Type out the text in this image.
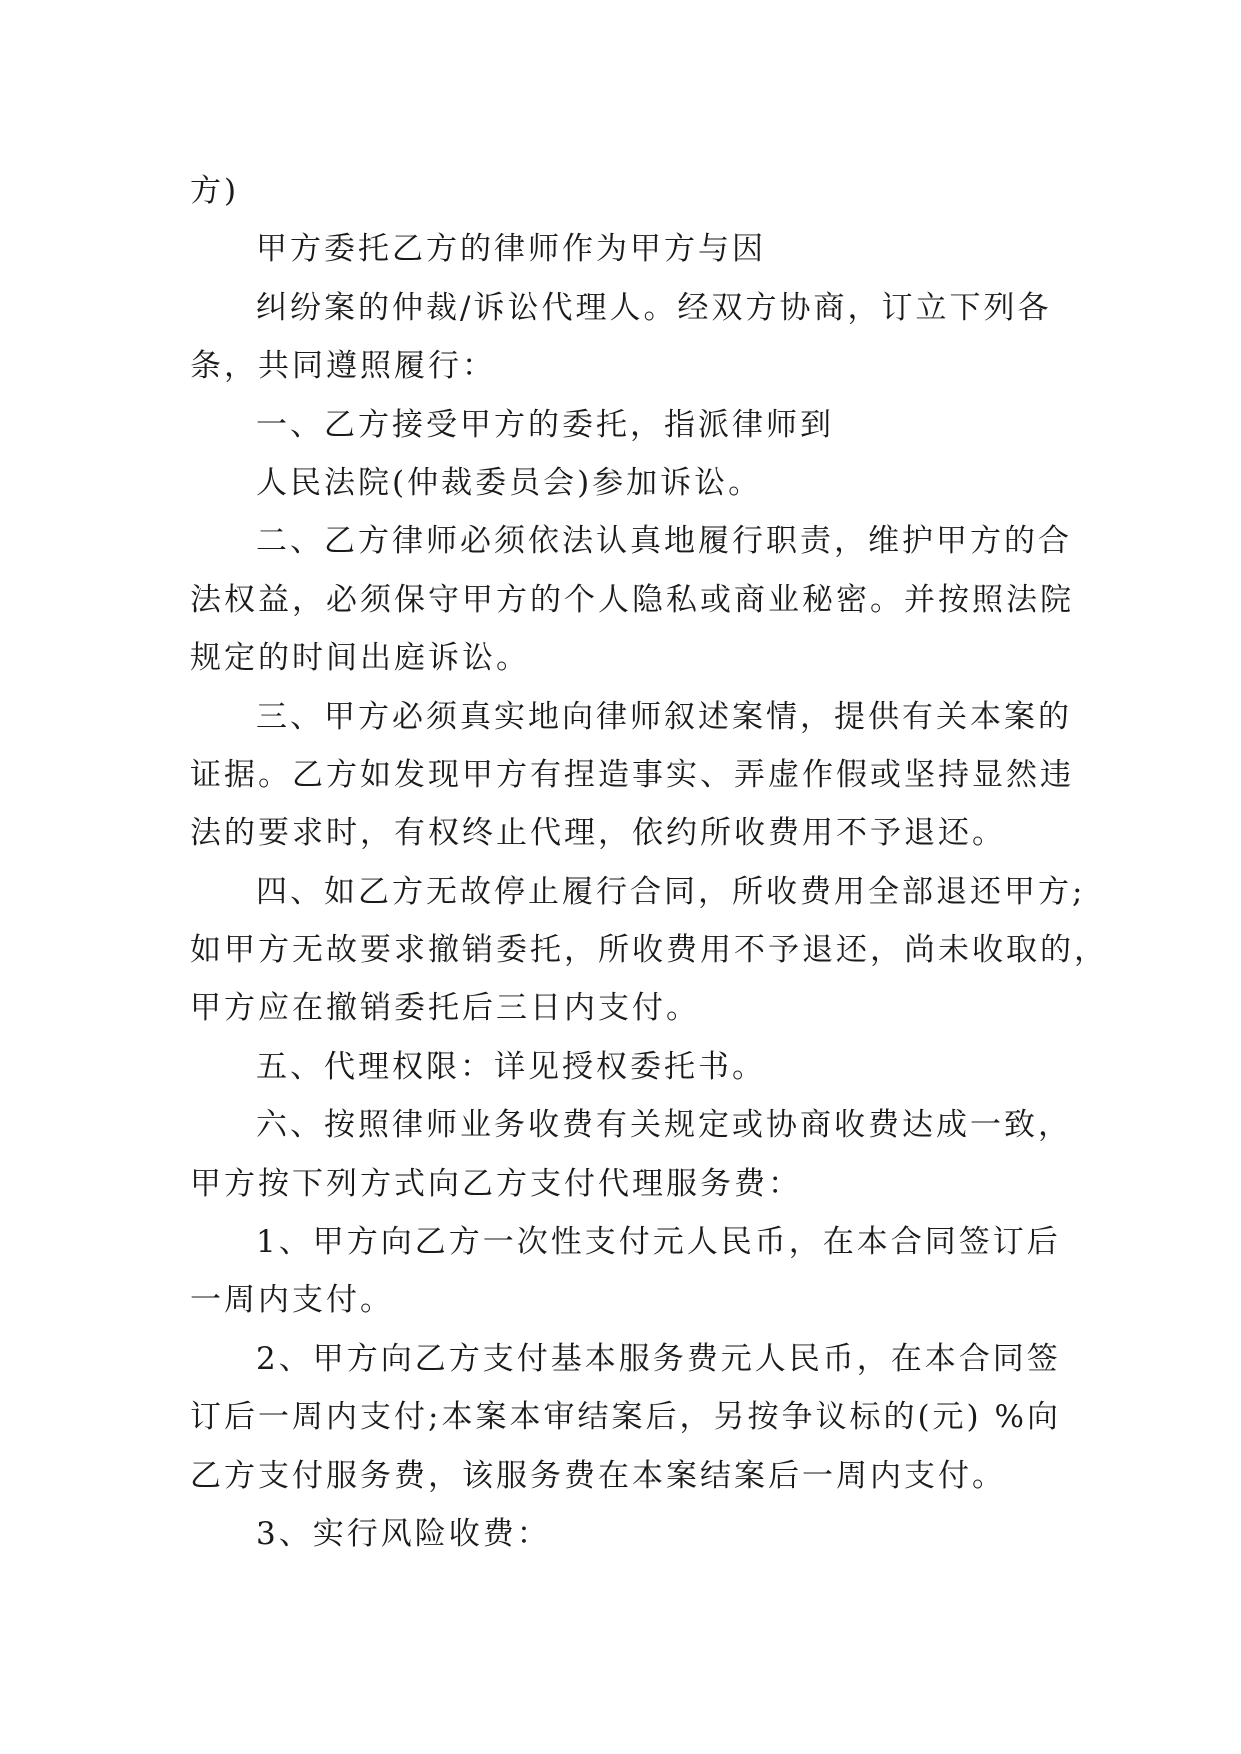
方)
甲方委托乙方的律师作为甲方与因
纠纷案的仲裁/诉讼代理人。经双方协商，订立下列各
条，共同遵照履行：
一、乙方接受甲方的委托，指派律师到
人民法院(仲裁委员会)参加诉讼。
二、乙方律师必须依法认真地履行职责，维护甲方的合
法权益，必须保守甲方的个人隐私或商业秘密。并按照法院
规定的时间出庭诉讼。
三、甲方必须真实地向律师叙述案情，提供有关本案的
证据。乙方如发现甲方有捏造事实、弄虚作假或坚持显然违
法的要求时，有权终止代理，依约所收费用不予退还。
四、如乙方无故停止履行合同，所收费用全部退还甲方;
如甲方无故要求撤销委托，所收费用不予退还，尚未收取的，
甲方应在撤销委托后三日内支付。
五、代理权限：详见授权委托书。
六、按照律师业务收费有关规定或协商收费达成一致，
甲方按下列方式向乙方支付代理服务费：
1、甲方向乙方一次性支付元人民币，在本合同签订后
一周内支付。
2、甲方向乙方支付基本服务费元人民币，在本合同签
订后一周内支付;本案本审结案后，另按争议标的(元) %向
乙方支付服务费，该服务费在本案结案后一周内支付。
3、实行风险收费：
